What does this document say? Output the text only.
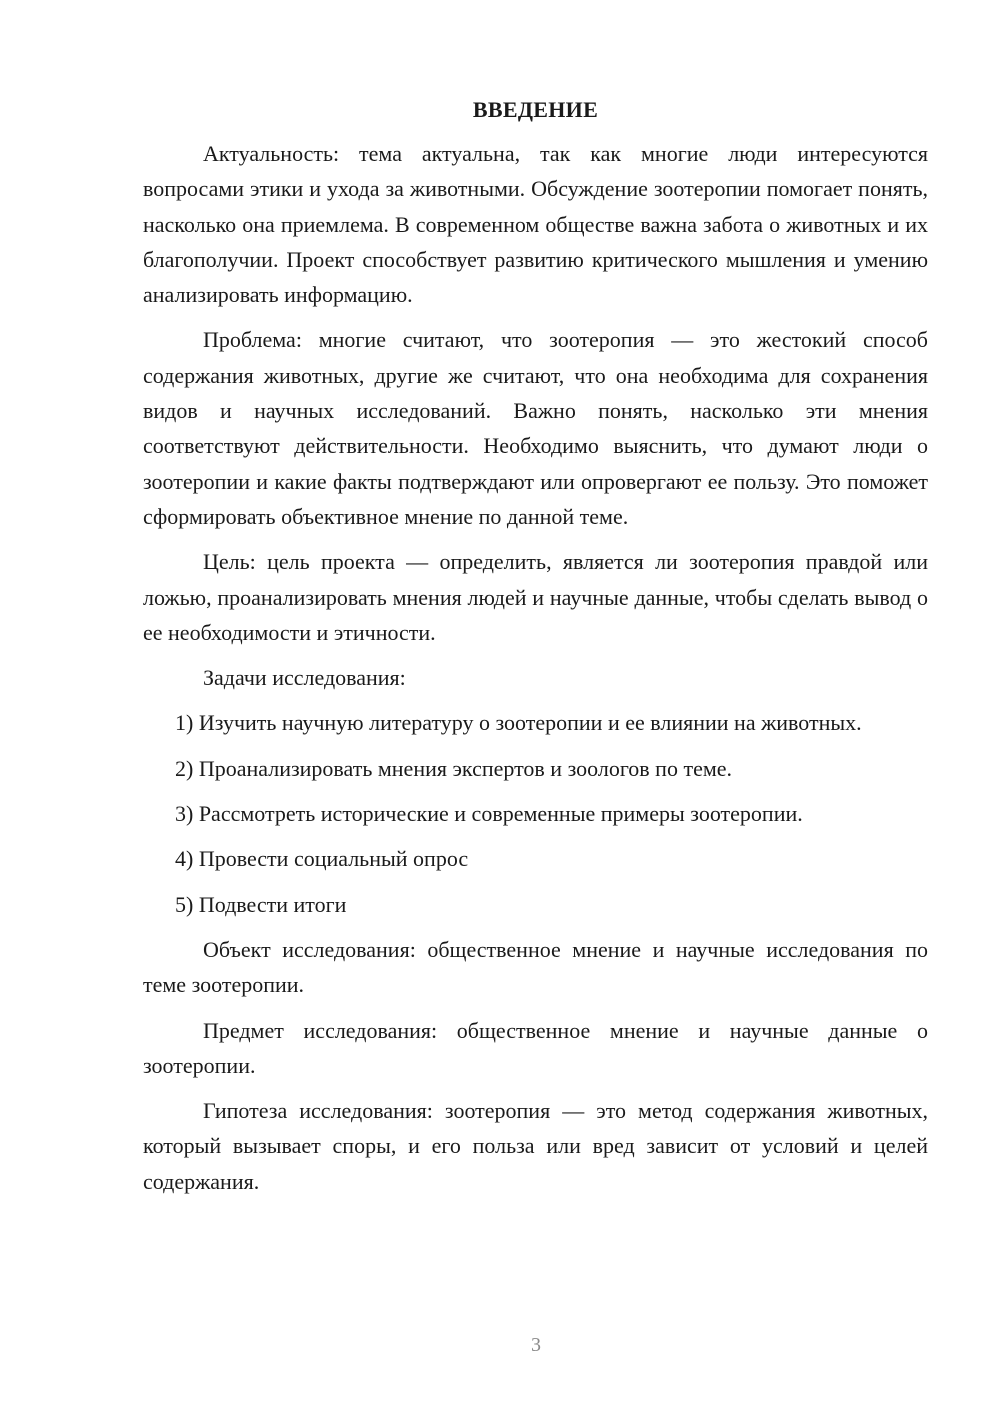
ВВЕДЕНИЕ

Актуальность: тема актуальна, так как многие люди интересуются вопросами этики и ухода за животными. Обсуждение зоотеропии помогает понять, насколько она приемлема. В современном обществе важна забота о животных и их благополучии. Проект способствует развитию критического мышления и умению анализировать информацию.

Проблема: многие считают, что зоотеропия — это жестокий способ содержания животных, другие же считают, что она необходима для сохранения видов и научных исследований. Важно понять, насколько эти мнения соответствуют действительности. Необходимо выяснить, что думают люди о зоотеропии и какие факты подтверждают или опровергают ее пользу. Это поможет сформировать объективное мнение по данной теме.

Цель: цель проекта — определить, является ли зоотеропия правдой или ложью, проанализировать мнения людей и научные данные, чтобы сделать вывод о ее необходимости и этичности.

Задачи исследования:

1) Изучить научную литературу о зоотеропии и ее влиянии на животных.

2) Проанализировать мнения экспертов и зоологов по теме.

3) Рассмотреть исторические и современные примеры зоотеропии.

4) Провести социальный опрос

5) Подвести итоги

Объект исследования: общественное мнение и научные исследования по теме зоотеропии.

Предмет исследования: общественное мнение и научные данные о зоотеропии.

Гипотеза исследования: зоотеропия — это метод содержания животных, который вызывает споры, и его польза или вред зависит от условий и целей содержания.

3
